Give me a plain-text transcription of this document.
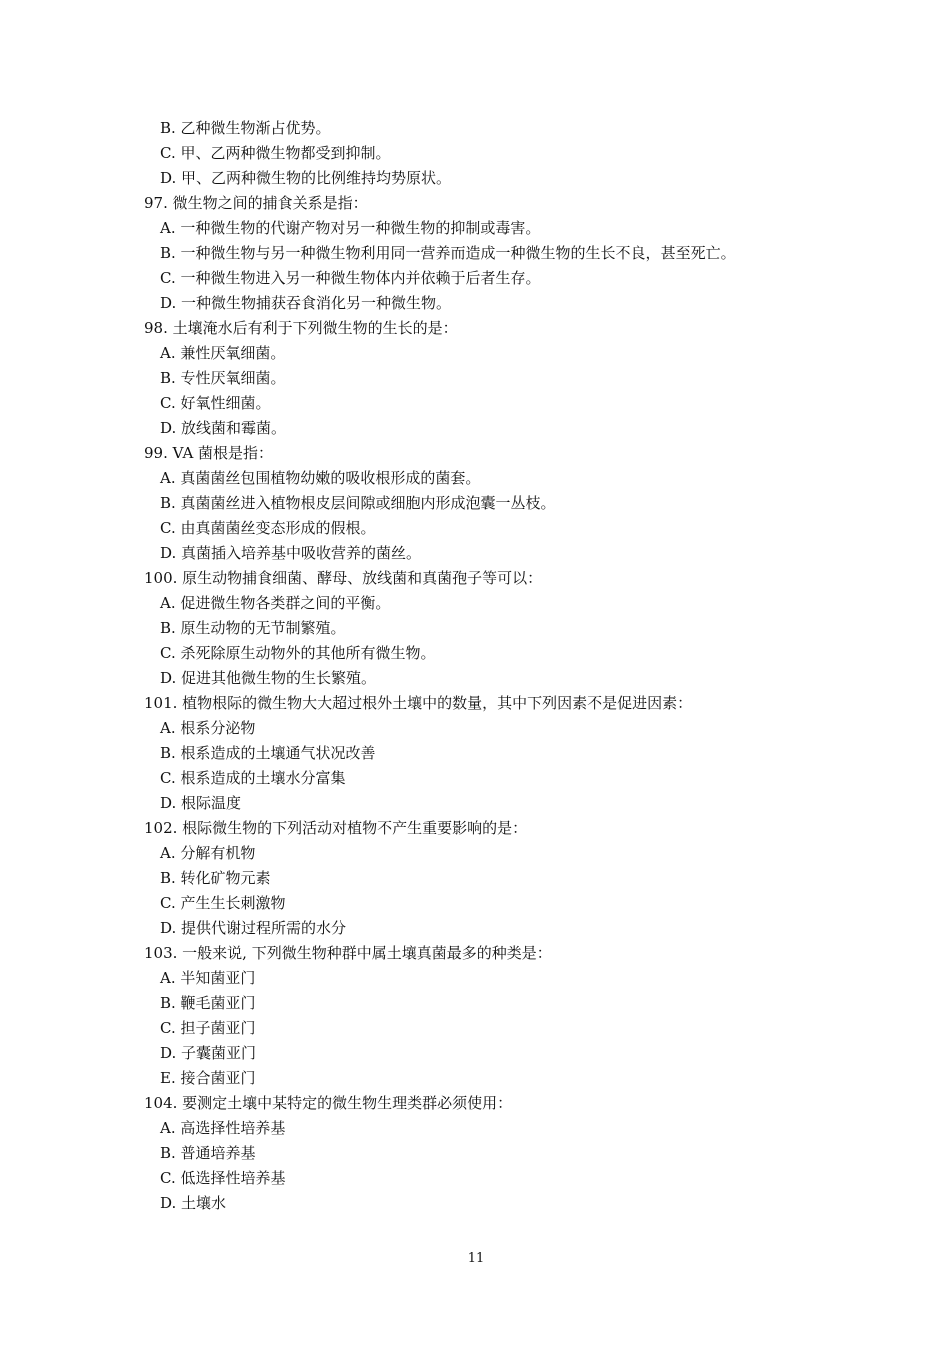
B. 乙种微生物渐占优势。
C. 甲、乙两种微生物都受到抑制。
D. 甲、乙两种微生物的比例维持均势原状。
97. 微生物之间的捕食关系是指：
A. 一种微生物的代谢产物对另一种微生物的抑制或毒害。
B. 一种微生物与另一种微生物利用同一营养而造成一种微生物的生长不良，甚至死亡。
C. 一种微生物进入另一种微生物体内并依赖于后者生存。
D. 一种微生物捕获吞食消化另一种微生物。
98. 土壤淹水后有利于下列微生物的生长的是：
A. 兼性厌氧细菌。
B. 专性厌氧细菌。
C. 好氧性细菌。
D. 放线菌和霉菌。
99. VA 菌根是指：
A. 真菌菌丝包围植物幼嫩的吸收根形成的菌套。
B. 真菌菌丝进入植物根皮层间隙或细胞内形成泡囊一丛枝。
C. 由真菌菌丝变态形成的假根。
D. 真菌插入培养基中吸收营养的菌丝。
100. 原生动物捕食细菌、酵母、放线菌和真菌孢子等可以：
A. 促进微生物各类群之间的平衡。
B. 原生动物的无节制繁殖。
C. 杀死除原生动物外的其他所有微生物。
D. 促进其他微生物的生长繁殖。
101. 植物根际的微生物大大超过根外土壤中的数量，其中下列因素不是促进因素：
A. 根系分泌物
B. 根系造成的土壤通气状况改善
C. 根系造成的土壤水分富集
D. 根际温度
102. 根际微生物的下列活动对植物不产生重要影响的是：
A. 分解有机物
B. 转化矿物元素
C. 产生生长刺激物
D. 提供代谢过程所需的水分
103. 一般来说, 下列微生物种群中属土壤真菌最多的种类是：
A. 半知菌亚门
B. 鞭毛菌亚门
C. 担子菌亚门
D. 子囊菌亚门
E. 接合菌亚门
104. 要测定土壤中某特定的微生物生理类群必须使用：
A. 高选择性培养基
B. 普通培养基
C. 低选择性培养基
D. 土壤水
11
